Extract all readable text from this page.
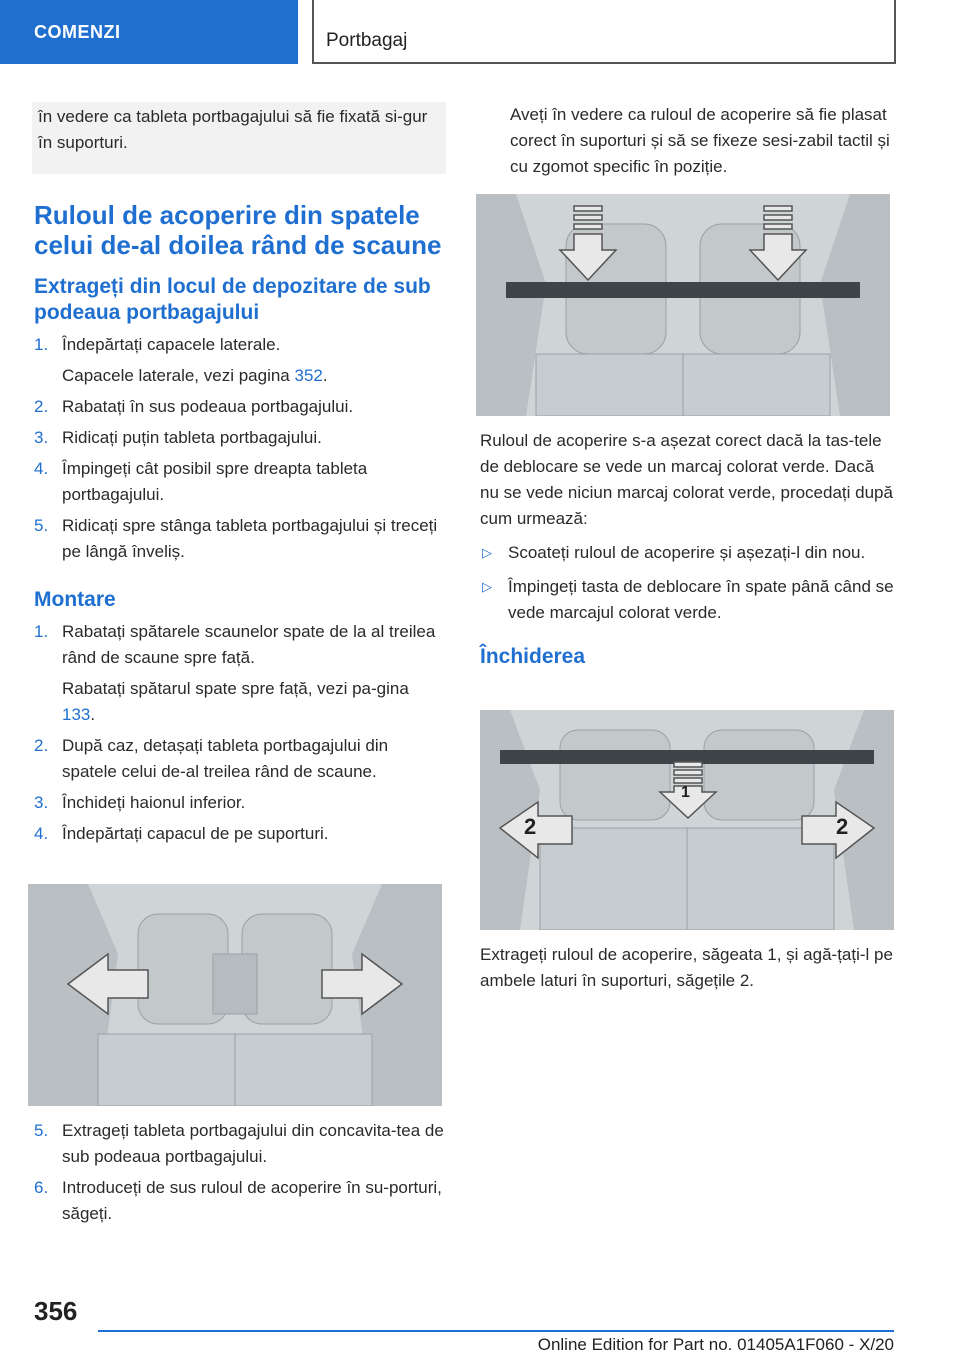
COMENZI	Portbagaj
în vedere ca tableta portbagajului să fie fixată si‐gur în suporturi.
Ruloul de acoperire din spatele celui de-al doilea rând de scaune
Extrageți din locul de depozitare de sub podeaua portbagajului
1. Îndepărtați capacele laterale.
Capacele laterale, vezi pagina 352.
2. Rabatați în sus podeaua portbagajului.
3. Ridicați puțin tableta portbagajului.
4. Împingeți cât posibil spre dreapta tableta portbagajului.
5. Ridicați spre stânga tableta portbagajului și treceți pe lângă înveliș.
Montare
1. Rabatați spătarele scaunelor spate de la al treilea rând de scaune spre față.
Rabatați spătarul spate spre față, vezi pa‐gina 133.
2. După caz, detașați tableta portbagajului din spatele celui de-al treilea rând de scaune.
3. Închideți haionul inferior.
4. Îndepărtați capacul de pe suporturi.
5. Extrageți tableta portbagajului din concavita‐tea de sub podeaua portbagajului.
6. Introduceți de sus ruloul de acoperire în su‐porturi, săgeți.
Aveți în vedere ca ruloul de acoperire să fie plasat corect în suporturi și să se fixeze sesi‐zabil tactil și cu zgomot specific în poziție.
Ruloul de acoperire s-a așezat corect dacă la tas‐tele de deblocare se vede un marcaj colorat verde. Dacă nu se vede niciun marcaj colorat verde, procedați după cum urmează:
▷ Scoateți ruloul de acoperire și așezați-l din nou.
▷ Împingeți tasta de deblocare în spate până când se vede marcajul colorat verde.
Închiderea
1
2	2
Extrageți ruloul de acoperire, săgeata 1, și agă‐țați-l pe ambele laturi în suporturi, săgețile 2.
356
Online Edition for Part no. 01405A1F060 - X/20
